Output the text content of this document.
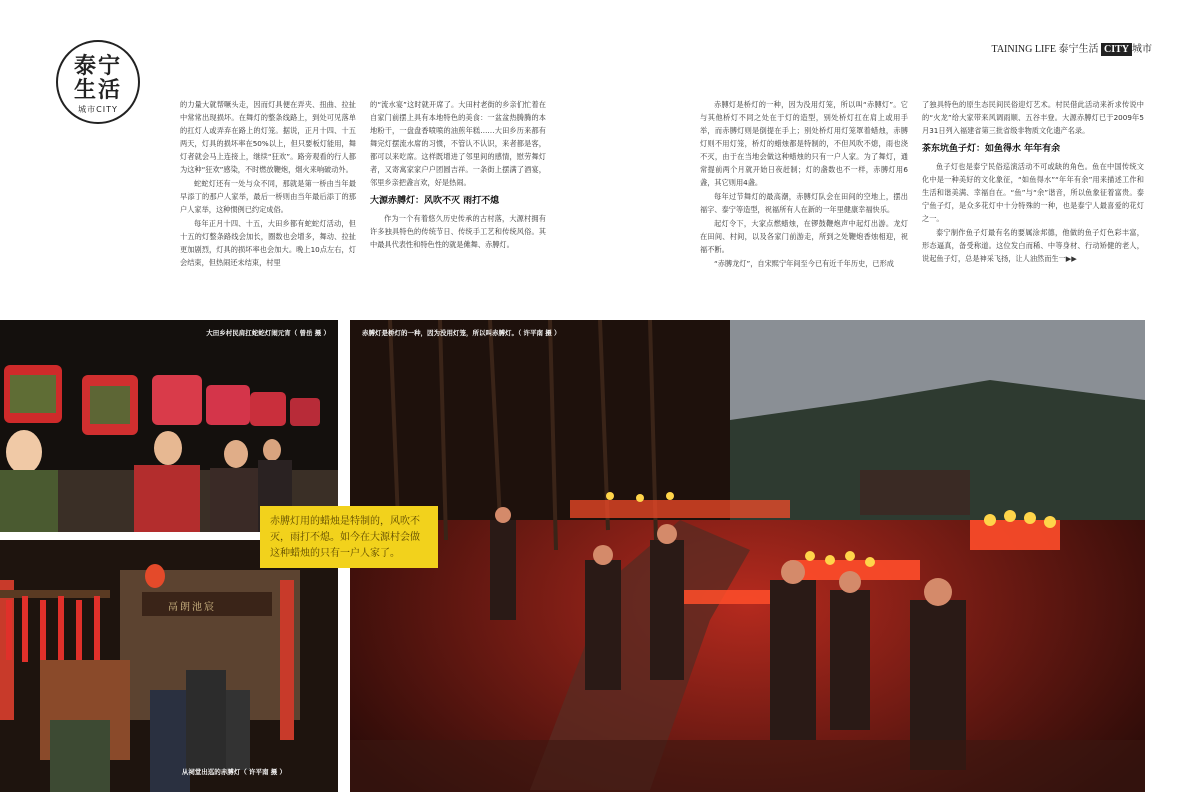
泰宁
生活
城市CITY
TAINING LIFE 泰宁生活 CITY 城市

的力量大就帮噘头走，因而灯具便在弄夹、扭曲、拉扯中常常出现损坏。在舞灯的整条线路上，到处可见落单的扛灯人或弄弃在路上的灯笼。据说，正月十四、十五两天，灯具的损坏率在50%以上，但只要板灯能用，舞灯者就会马上连接上，继续“狂欢”。路旁观看的行人都为这种“狂欢”感染，不时燃放鞭炮，烟火来响破动外。

蛇蛇灯还有一处与众不同，那就是第一桥由当年最早添丁的那户人家举，最后一桥则由当年最后添丁的那户人家举，这种惯例已约定成俗。

每年正月十四、十五，大田乡都有蛇蛇灯活动，但十五的灯整条路线会加长，圈数也会增多，舞动、拉扯更加剧烈，灯具的损坏率也会加大。晚上10点左右，灯会结束，但热闹还未结束，村里

的“流水宴”这时就开席了。大田村老街的乡亲们忙着在自家门前摆上具有本地特色的美食：一盆盆热腾腾的本地粉干，一盘盘香喷喷的油煎年糕……大田乡历来都有舞完灯摆流水席的习惯，不管认不认识，来者都是客，都可以来吃席。这样既增进了邻里间的感情，慰劳舞灯者，又寄寓家家户户团圆吉祥。一条街上摆满了酒宴，邻里乡亲把盏言欢，好是热闹。

大源赤膊灯：风吹不灭 雨打不熄

作为一个有着悠久历史传承的古村落，大源村拥有许多独具特色的传统节日、传统手工艺和传统风俗。其中最具代表性和特色性的就是傩舞、赤膊灯。

赤膊灯是桥灯的一种，因为没用灯笼，所以叫“赤膊灯”。它与其他桥灯不同之处在于灯的造型，别处桥灯扛在肩上或用手举，而赤膊灯则是倒提在手上；别处桥灯用灯笼罩着蜡烛，赤膊灯则不用灯笼，桥灯的蜡烛都是特制的，不但风吹不熄，雨也浇不灭，由于在当地会做这种蜡烛的只有一户人家。为了舞灯，通常提前两个月就开始日夜赶制；灯的盏数也不一样，赤膊灯用6盏，其它则用4盏。

每年过节舞灯的最高潮，赤膊灯队会在田间的空地上，摆出福字、泰宁等造型，祝福所有人在新的一年里健康幸福快乐。

起灯令下，大家点燃蜡烛，在锣鼓鞭炮声中起灯出游。龙灯在田间、村间，以及各家门前游走，所到之处鞭炮香烛相迎，祝福不断。

“赤膊龙灯”，自宋熙宁年间至今已有近千年历史，已形成

了独具特色的原生态民间民俗迎灯艺术。村民借此活动来祈求传说中的“火龙”给大家带来风调雨顺、五谷丰登。大源赤膊灯已于2009年5月31日列入福建省第三批省级非物质文化遗产名录。

茶东坑鱼子灯：如鱼得水 年年有余

鱼子灯也是泰宁民俗巡演活动不可或缺的角色。鱼在中国传统文化中是一种美好的文化象征，“如鱼得水”“年年有余”用来描述工作和生活和谐美满、幸福自在。“鱼”与“余”谐音，所以鱼象征着富贵。泰宁鱼子灯，是众多花灯中十分特殊的一种，也是泰宁人最喜爱的花灯之一。

泰宁制作鱼子灯最有名的要属涂邦德，他做的鱼子灯色彩丰富，形态逼真，备受称道。这位发白而稀、中等身材、行动矫健的老人，说起鱼子灯，总是神采飞扬，让人油然而生一▶▶

大田乡村民肩扛蛇蛇灯闹元宵（ 曾岳 摄 ）
鬲朗池宸
从祠堂出巡的赤膊灯（ 许平南 摄 ）
赤膊灯是桥灯的一种，因为没用灯笼，所以叫赤膊灯。（ 许平南 摄 ）
赤膊灯用的蜡烛是特制的，风吹不灭，雨打不熄。如今在大源村会做这种蜡烛的只有一户人家了。
